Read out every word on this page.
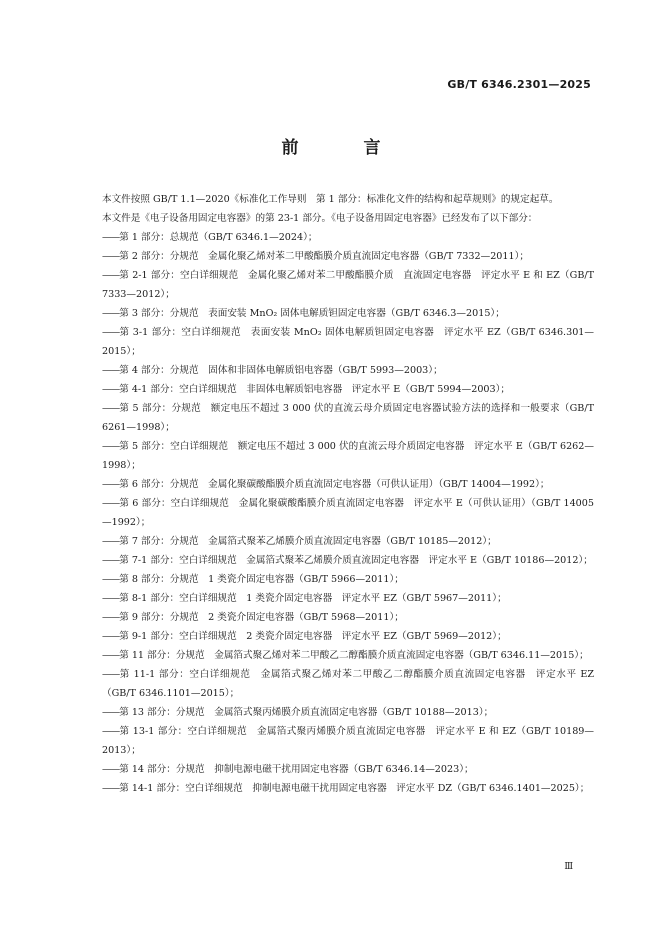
GB/T 6346.2301—2025
前　言

本文件按照 GB/T 1.1—2020《标准化工作导则　第 1 部分：标准化文件的结构和起草规则》的规定起草。

本文件是《电子设备用固定电容器》的第 23-1 部分。《电子设备用固定电容器》已经发布了以下部分：

——第 1 部分：总规范（GB/T 6346.1—2024）；
——第 2 部分：分规范　金属化聚乙烯对苯二甲酸酯膜介质直流固定电容器（GB/T 7332—2011）；
——第 2-1 部分：空白详细规范　金属化聚乙烯对苯二甲酸酯膜介质　直流固定电容器　评定水平 E 和 EZ（GB/T 7333—2012）；
——第 3 部分：分规范　表面安装 MnO₂ 固体电解质钽固定电容器（GB/T 6346.3—2015）；
——第 3-1 部分：空白详细规范　表面安装 MnO₂ 固体电解质钽固定电容器　评定水平 EZ（GB/T 6346.301—2015）；
——第 4 部分：分规范　固体和非固体电解质铝电容器（GB/T 5993—2003）；
——第 4-1 部分：空白详细规范　非固体电解质铝电容器　评定水平 E（GB/T 5994—2003）；
——第 5 部分：分规范　额定电压不超过 3 000 伏的直流云母介质固定电容器试验方法的选择和一般要求（GB/T 6261—1998）；
——第 5 部分：空白详细规范　额定电压不超过 3 000 伏的直流云母介质固定电容器　评定水平 E（GB/T 6262—1998）；
——第 6 部分：分规范　金属化聚碳酸酯膜介质直流固定电容器（可供认证用）（GB/T 14004—1992）；
——第 6 部分：空白详细规范　金属化聚碳酸酯膜介质直流固定电容器　评定水平 E（可供认证用）（GB/T 14005—1992）；
——第 7 部分：分规范　金属箔式聚苯乙烯膜介质直流固定电容器（GB/T 10185—2012）；
——第 7-1 部分：空白详细规范　金属箔式聚苯乙烯膜介质直流固定电容器　评定水平 E（GB/T 10186—2012）；
——第 8 部分：分规范　1 类瓷介固定电容器（GB/T 5966—2011）；
——第 8-1 部分：空白详细规范　1 类瓷介固定电容器　评定水平 EZ（GB/T 5967—2011）；
——第 9 部分：分规范　2 类瓷介固定电容器（GB/T 5968—2011）；
——第 9-1 部分：空白详细规范　2 类瓷介固定电容器　评定水平 EZ（GB/T 5969—2012）；
——第 11 部分：分规范　金属箔式聚乙烯对苯二甲酸乙二醇酯膜介质直流固定电容器（GB/T 6346.11—2015）；
——第 11-1 部分：空白详细规范　金属箔式聚乙烯对苯二甲酸乙二醇酯膜介质直流固定电容器　评定水平 EZ（GB/T 6346.1101—2015）；
——第 13 部分：分规范　金属箔式聚丙烯膜介质直流固定电容器（GB/T 10188—2013）；
——第 13-1 部分：空白详细规范　金属箔式聚丙烯膜介质直流固定电容器　评定水平 E 和 EZ（GB/T 10189—2013）；
——第 14 部分：分规范　抑制电源电磁干扰用固定电容器（GB/T 6346.14—2023）；
——第 14-1 部分：空白详细规范　抑制电源电磁干扰用固定电容器　评定水平 DZ（GB/T 6346.1401—2025）；
Ⅲ
